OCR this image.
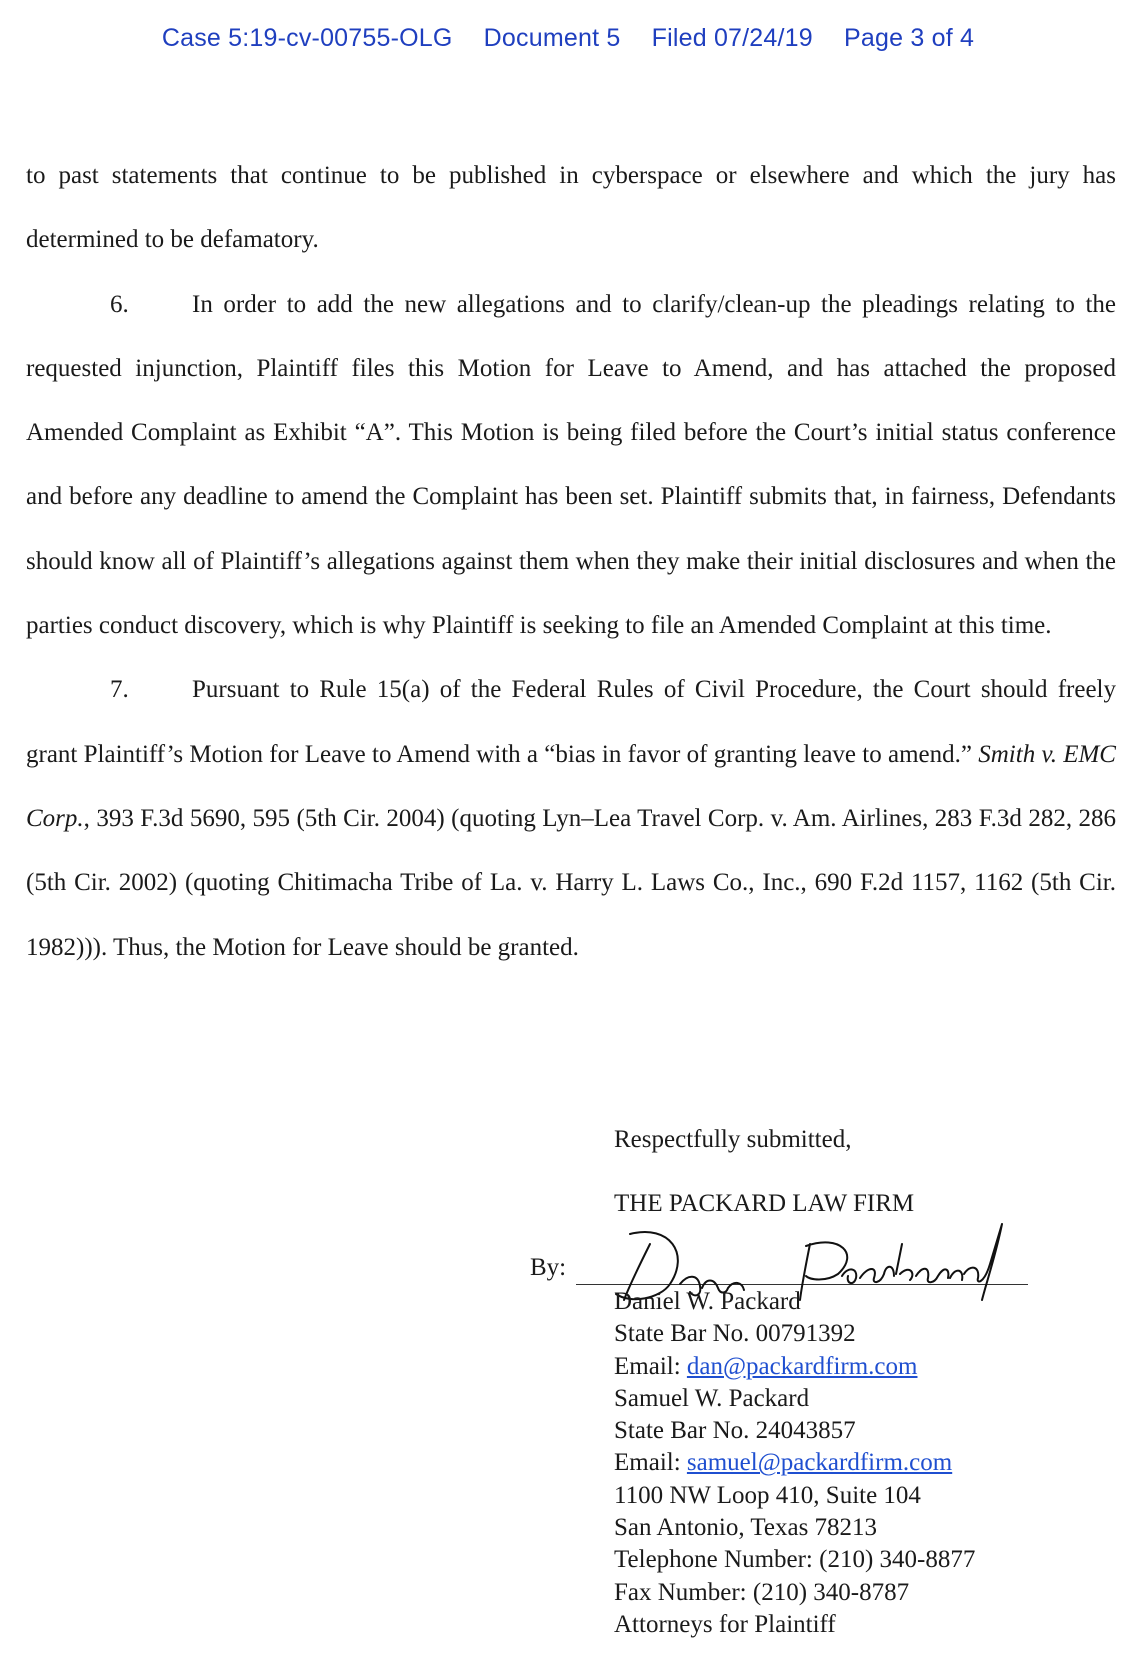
Case 5:19-cv-00755-OLG Document 5 Filed 07/24/19 Page 3 of 4

to past statements that continue to be published in cyberspace or elsewhere and which the jury has determined to be defamatory.

6.	In order to add the new allegations and to clarify/clean-up the pleadings relating to the requested injunction, Plaintiff files this Motion for Leave to Amend, and has attached the proposed Amended Complaint as Exhibit “A”. This Motion is being filed before the Court’s initial status conference and before any deadline to amend the Complaint has been set. Plaintiff submits that, in fairness, Defendants should know all of Plaintiff’s allegations against them when they make their initial disclosures and when the parties conduct discovery, which is why Plaintiff is seeking to file an Amended Complaint at this time.

7.	Pursuant to Rule 15(a) of the Federal Rules of Civil Procedure, the Court should freely grant Plaintiff’s Motion for Leave to Amend with a “bias in favor of granting leave to amend.” Smith v. EMC Corp., 393 F.3d 5690, 595 (5th Cir. 2004) (quoting Lyn–Lea Travel Corp. v. Am. Airlines, 283 F.3d 282, 286 (5th Cir. 2002) (quoting Chitimacha Tribe of La. v. Harry L. Laws Co., Inc., 690 F.2d 1157, 1162 (5th Cir. 1982))). Thus, the Motion for Leave should be granted.

Respectfully submitted,
THE PACKARD LAW FIRM
By:
Daniel W. Packard
State Bar No. 00791392
Email: dan@packardfirm.com
Samuel W. Packard
State Bar No. 24043857
Email: samuel@packardfirm.com
1100 NW Loop 410, Suite 104
San Antonio, Texas 78213
Telephone Number: (210) 340-8877
Fax Number: (210) 340-8787
Attorneys for Plaintiff
